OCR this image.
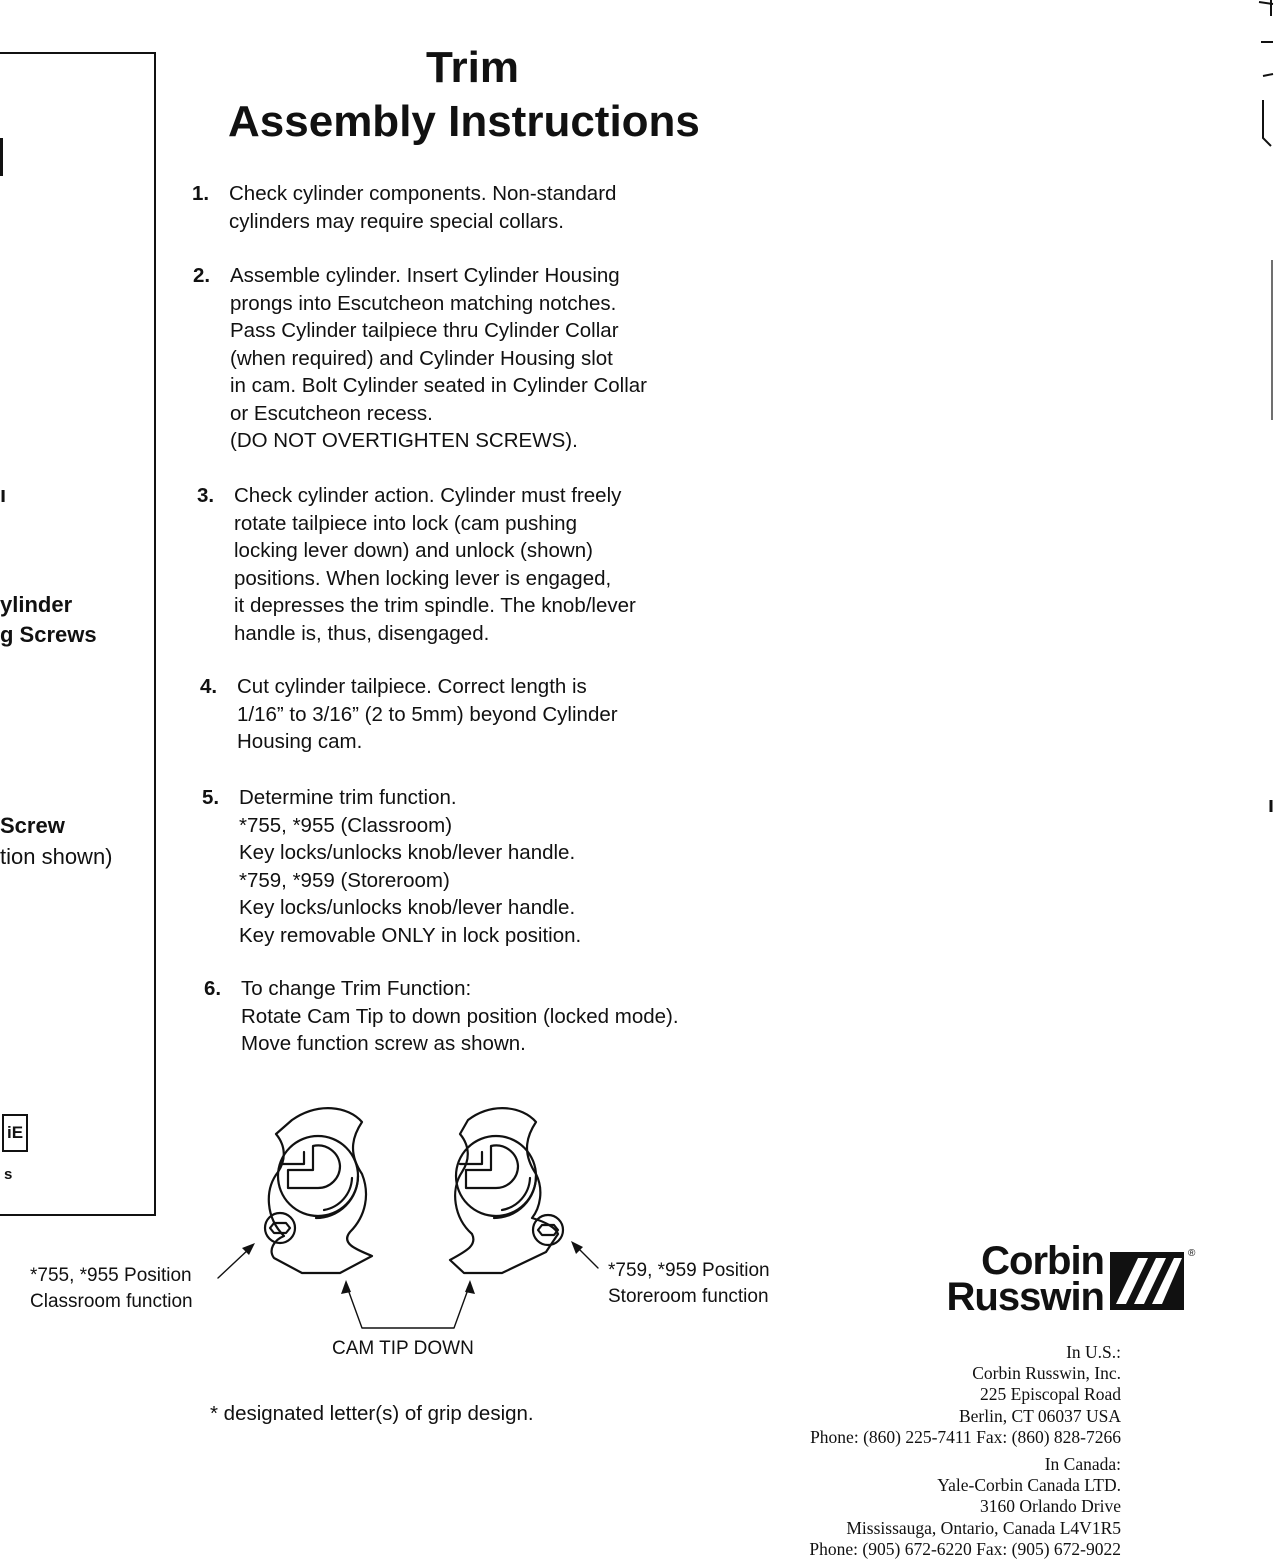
ı
ylinder
g Screws
Screw
tion shown)
iE
s
Trim
Assembly Instructions
1. Check cylinder components. Non-standard
cylinders may require special collars.
2. Assemble cylinder. Insert Cylinder Housing
prongs into Escutcheon matching notches.
Pass Cylinder tailpiece thru Cylinder Collar
(when required) and Cylinder Housing slot
in cam. Bolt Cylinder seated in Cylinder Collar
or Escutcheon recess.
(DO NOT OVERTIGHTEN SCREWS).
3. Check cylinder action. Cylinder must freely
rotate tailpiece into lock (cam pushing
locking lever down) and unlock (shown)
positions. When locking lever is engaged,
it depresses the trim spindle. The knob/lever
handle is, thus, disengaged.
4. Cut cylinder tailpiece. Correct length is
1/16” to 3/16” (2 to 5mm) beyond Cylinder
Housing cam.
5. Determine trim function.
*755, *955 (Classroom)
Key locks/unlocks knob/lever handle.
*759, *959 (Storeroom)
Key locks/unlocks knob/lever handle.
Key removable ONLY in lock position.
6. To change Trim Function:
Rotate Cam Tip to down position (locked mode).
Move function screw as shown.
*755, *955 Position
Classroom function
*759, *959 Position
Storeroom function
CAM TIP DOWN
* designated letter(s) of grip design.
Corbin
Russwin
®
In U.S.:
Corbin Russwin, Inc.
225 Episcopal Road
Berlin, CT 06037 USA
Phone: (860) 225-7411 Fax: (860) 828-7266
In Canada:
Yale-Corbin Canada LTD.
3160 Orlando Drive
Mississauga, Ontario, Canada L4V1R5
Phone: (905) 672-6220 Fax: (905) 672-9022
